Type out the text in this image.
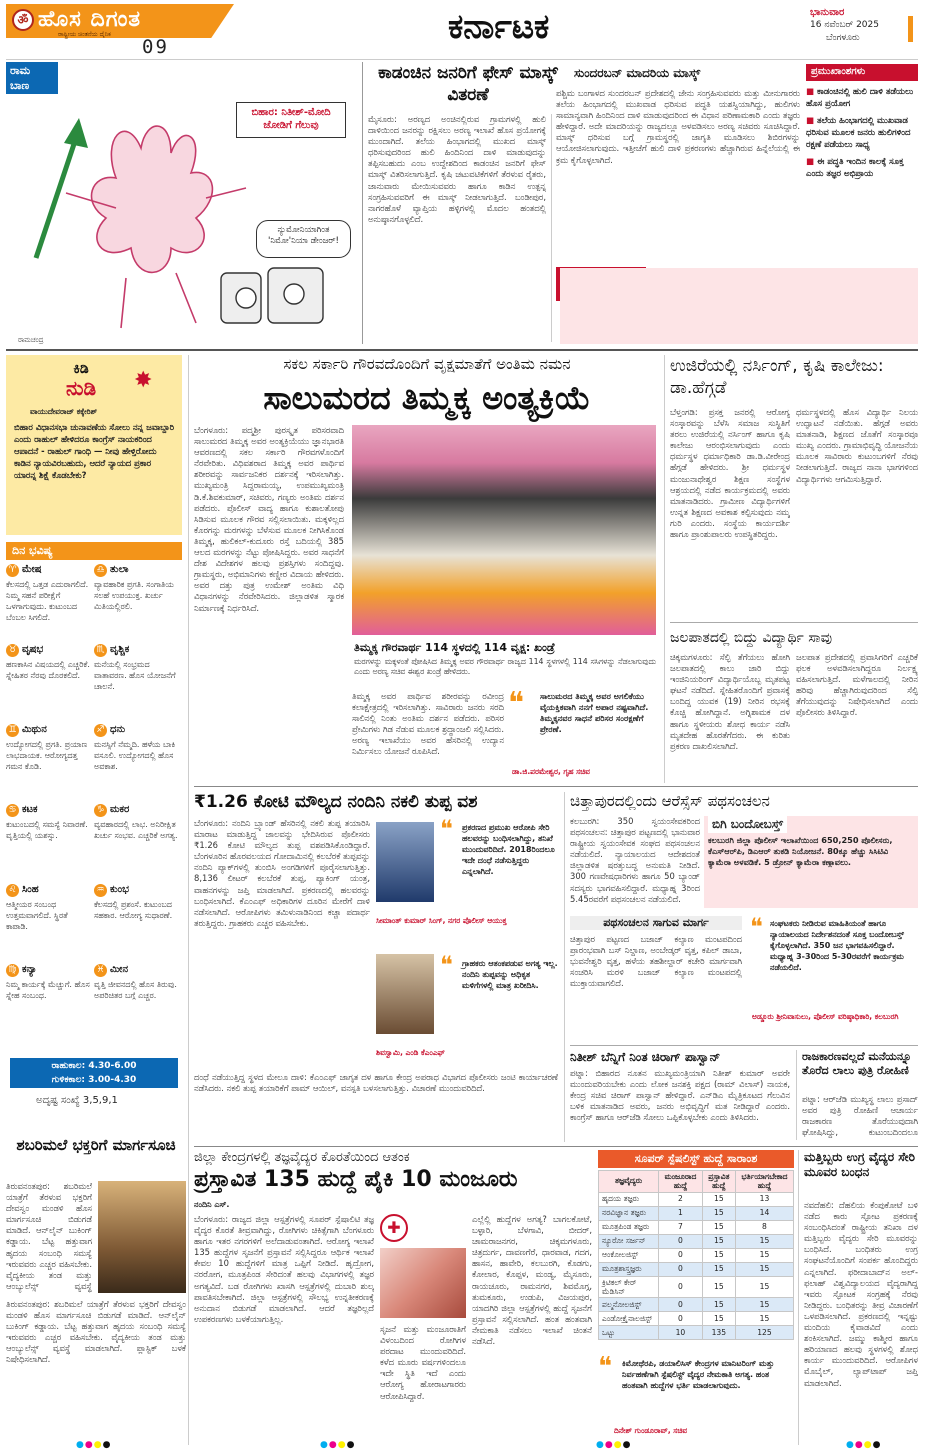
ॐ ಹೊಸ ದಿಗಂತ
ರಾಷ್ಟ್ರೀಯ ಚಿಂತನೆಯ ದೈನಿಕ
09	ಕರ್ನಾಟಕ	ಭಾನುವಾರ
16 ನವೆಂಬರ್ 2025
ಬೆಂಗಳೂರು
ರಾಮ
ಬಾಣ
ರಾಮಚಂದ್ರ
ಬಿಹಾರ: ನಿತೀಶ್-ಮೋದಿ ಜೋಡಿಗೆ ಗೆಲುವು
ನ್ಯುಮೋನಿಯಾಗಿಂತ 'ನಿಮೋ'ನಿಯಾ ಡೇಂಜರ್!
ಕಾಡಂಚಿನ ಜನರಿಗೆ ಫೇಸ್ ಮಾಸ್ಕ್ ವಿತರಣೆ
ಸುಂದರಬನ್ ಮಾದರಿಯ ಮಾಸ್ಕ್
ಮೈಸೂರು: ಅರಣ್ಯದ ಅಂಚಿನಲ್ಲಿರುವ ಗ್ರಾಮಗಳಲ್ಲಿ ಹುಲಿ ದಾಳಿಯಿಂದ ಜನರನ್ನು ರಕ್ಷಿಸಲು ಅರಣ್ಯ ಇಲಾಖೆ ಹೊಸ ಪ್ರಯೋಗಕ್ಕೆ ಮುಂದಾಗಿದೆ. ತಲೆಯ ಹಿಂಭಾಗದಲ್ಲಿ ಮುಖದ ಮಾಸ್ಕ್ ಧರಿಸುವುದರಿಂದ ಹುಲಿ ಹಿಂದಿನಿಂದ ದಾಳಿ ಮಾಡುವುದನ್ನು ತಪ್ಪಿಸಬಹುದು ಎಂಬ ಉದ್ದೇಶದಿಂದ ಕಾಡಂಚಿನ ಜನರಿಗೆ ಫೇಸ್ ಮಾಸ್ಕ್ ವಿತರಿಸಲಾಗುತ್ತಿದೆ. ಕೃಷಿ ಚಟುವಟಿಕೆಗಳಿಗೆ ತೆರಳುವ ರೈತರು, ಜಾನುವಾರು ಮೇಯಿಸುವವರು ಹಾಗೂ ಕಾಡಿನ ಉತ್ಪನ್ನ ಸಂಗ್ರಹಿಸುವವರಿಗೆ ಈ ಮಾಸ್ಕ್ ನೀಡಲಾಗುತ್ತಿದೆ. ಬಂಡೀಪುರ, ನಾಗರಹೊಳೆ ವ್ಯಾಪ್ತಿಯ ಹಳ್ಳಿಗಳಲ್ಲಿ ಮೊದಲ ಹಂತದಲ್ಲಿ ಅನುಷ್ಠಾನಗೊಳ್ಳಲಿದೆ.
ಪಶ್ಚಿಮ ಬಂಗಾಳದ ಸುಂದರಬನ್ ಪ್ರದೇಶದಲ್ಲಿ ಜೇನು ಸಂಗ್ರಹಿಸುವವರು ಮತ್ತು ಮೀನುಗಾರರು ತಲೆಯ ಹಿಂಭಾಗದಲ್ಲಿ ಮುಖವಾಡ ಧರಿಸುವ ಪದ್ಧತಿ ಯಶಸ್ವಿಯಾಗಿದ್ದು, ಹುಲಿಗಳು ಸಾಮಾನ್ಯವಾಗಿ ಹಿಂದಿನಿಂದ ದಾಳಿ ಮಾಡುವುದರಿಂದ ಈ ವಿಧಾನ ಪರಿಣಾಮಕಾರಿ ಎಂದು ತಜ್ಞರು ಹೇಳಿದ್ದಾರೆ. ಅದೇ ಮಾದರಿಯನ್ನು ರಾಜ್ಯದಲ್ಲೂ ಅಳವಡಿಸಲು ಅರಣ್ಯ ಸಚಿವರು ಸೂಚಿಸಿದ್ದಾರೆ. ಮಾಸ್ಕ್ ಧರಿಸುವ ಬಗ್ಗೆ ಗ್ರಾಮಸ್ಥರಲ್ಲಿ ಜಾಗೃತಿ ಮೂಡಿಸಲು ಶಿಬಿರಗಳನ್ನು ಆಯೋಜಿಸಲಾಗುವುದು. ಇತ್ತೀಚೆಗೆ ಹುಲಿ ದಾಳಿ ಪ್ರಕರಣಗಳು ಹೆಚ್ಚಾಗಿರುವ ಹಿನ್ನೆಲೆಯಲ್ಲಿ ಈ ಕ್ರಮ ಕೈಗೊಳ್ಳಲಾಗಿದೆ.
ಪ್ರಮುಖಾಂಶಗಳು
■ ಕಾಡಂಚಿನಲ್ಲಿ ಹುಲಿ ದಾಳಿ ತಡೆಯಲು ಹೊಸ ಪ್ರಯೋಗ
■ ತಲೆಯ ಹಿಂಭಾಗದಲ್ಲಿ ಮುಖವಾಡ ಧರಿಸುವ ಮೂಲಕ ಜನರು ಹುಲಿಗಳಿಂದ ರಕ್ಷಣೆ ಪಡೆಯಲು ಸಾಧ್ಯ
■ ಈ ಪದ್ಧತಿ ಇಂದಿನ ಕಾಲಕ್ಕೆ ಸೂಕ್ತ ಎಂದು ತಜ್ಞರ ಅಭಿಪ್ರಾಯ
ಕಿಡಿ
ನುಡಿ ✸
ವಾಯುದೇವರಾಜ್ ಕಕ್ಕೇರಿಶ್
ಬಿಹಾರ ವಿಧಾನಸಭಾ ಚುನಾವಣೆಯ ಸೋಲು ನನ್ನ ಜವಾಬ್ದಾರಿ ಎಂದು ರಾಹುಲ್ ಹೇಳಿದರೂ ಕಾಂಗ್ರೆಸ್ ನಾಯಕರಿಂದ ಆಪಾದನೆ - ರಾಹುಲ್ ಗಾಂಧಿ — ನೀವು ಹೇಳ್ತಿರೋದು ಕಾಡಿನ ನ್ಯಾಯವಿರಬಹುದು, ಆದರೆ ನ್ಯಾಯದ ಪ್ರಕಾರ ಯಾರನ್ನ ಶಿಕ್ಷೆ ಕೊಡಬೇಕು?
ದಿನ ಭವಿಷ್ಯ
♈ ಮೇಷ
ಕೆಲಸದಲ್ಲಿ ಒತ್ತಡ ಎದುರಾಗಲಿದೆ. ನಿಮ್ಮ ಸಹನೆ ಪರೀಕ್ಷೆಗೆ ಒಳಗಾಗುವುದು. ಕುಟುಂಬದ ಬೆಂಬಲ ಸಿಗಲಿದೆ.
♎ ತುಲಾ
ವ್ಯಾವಹಾರಿಕ ಪ್ರಗತಿ. ಸಂಗಾತಿಯ ಸಲಹೆ ಉಪಯುಕ್ತ. ಖರ್ಚು ಮಿತಿಯಲ್ಲಿರಲಿ.
♉ ವೃಷಭ
ಹಣಕಾಸಿನ ವಿಷಯದಲ್ಲಿ ಎಚ್ಚರಿಕೆ. ಸ್ನೇಹಿತರ ನೆರವು ದೊರಕಲಿದೆ.
♏ ವೃಶ್ಚಿಕ
ಮನೆಯಲ್ಲಿ ಸಂಭ್ರಮದ ವಾತಾವರಣ. ಹೊಸ ಯೋಜನೆಗೆ ಚಾಲನೆ.
♊ ಮಿಥುನ
ಉದ್ಯೋಗದಲ್ಲಿ ಪ್ರಗತಿ. ಪ್ರಯಾಣ ಲಾಭದಾಯಕ. ಆರೋಗ್ಯದತ್ತ ಗಮನ ಕೊಡಿ.
♐ ಧನು
ಮನಸ್ಸಿಗೆ ನೆಮ್ಮದಿ. ಹಳೆಯ ಬಾಕಿ ವಸೂಲಿ. ಉದ್ಯೋಗದಲ್ಲಿ ಹೊಸ ಅವಕಾಶ.
♋ ಕಟಕ
ಕುಟುಂಬದಲ್ಲಿ ಸಮಸ್ಯೆ ನಿವಾರಣೆ. ವೃತ್ತಿಯಲ್ಲಿ ಯಶಸ್ಸು.
♑ ಮಕರ
ವ್ಯವಹಾರದಲ್ಲಿ ಲಾಭ. ಅನಿರೀಕ್ಷಿತ ಖರ್ಚು ಸಂಭವ. ಎಚ್ಚರಿಕೆ ಅಗತ್ಯ.
♌ ಸಿಂಹ
ಆತ್ಮೀಯರ ಸಂಬಂಧ ಉತ್ತಮವಾಗಲಿದೆ. ಸ್ಥಿರತೆ ಕಾಪಾಡಿ.
♒ ಕುಂಭ
ಕೆಲಸದಲ್ಲಿ ಪ್ರಶಂಸೆ. ಕುಟುಂಬದ ಸಹಕಾರ. ಆರೋಗ್ಯ ಸುಧಾರಣೆ.
♍ ಕನ್ಯಾ
ನಿಮ್ಮ ಕಾರ್ಯಕ್ಕೆ ಮೆಚ್ಚುಗೆ. ಹೊಸ ಸ್ನೇಹ ಸಂಬಂಧ.
♓ ಮೀನ
ವೃತ್ತಿ ಜೀವನದಲ್ಲಿ ಹೊಸ ತಿರುವು. ಅಪರಿಚಿತರ ಬಗ್ಗೆ ಎಚ್ಚರ.
ರಾಹುಕಾಲ: 4.30-6.00
ಗುಳಿಕಕಾಲ: 3.00-4.30
ಅದೃಷ್ಟ ಸಂಖ್ಯೆ 3,5,9,1
ಶಬರಿಮಲೆ ಭಕ್ತರಿಗೆ ಮಾರ್ಗಸೂಚಿ
ತಿರುವನಂತಪುರ: ಶಬರಿಮಲೆ ಯಾತ್ರೆಗೆ ತೆರಳುವ ಭಕ್ತರಿಗೆ ದೇವಸ್ವಂ ಮಂಡಳಿ ಹೊಸ ಮಾರ್ಗಸೂಚಿ ಬಿಡುಗಡೆ ಮಾಡಿದೆ. ಆನ್‌ಲೈನ್ ಬುಕಿಂಗ್ ಕಡ್ಡಾಯ. ಬೆಟ್ಟ ಹತ್ತುವಾಗ ಹೃದಯ ಸಂಬಂಧಿ ಸಮಸ್ಯೆ ಇರುವವರು ಎಚ್ಚರ ವಹಿಸಬೇಕು. ವೈದ್ಯಕೀಯ ತಂಡ ಮತ್ತು ಆಂಬ್ಯುಲೆನ್ಸ್ ವ್ಯವಸ್ಥೆ
ತಿರುವನಂತಪುರ: ಶಬರಿಮಲೆ ಯಾತ್ರೆಗೆ ತೆರಳುವ ಭಕ್ತರಿಗೆ ದೇವಸ್ವಂ ಮಂಡಳಿ ಹೊಸ ಮಾರ್ಗಸೂಚಿ ಬಿಡುಗಡೆ ಮಾಡಿದೆ. ಆನ್‌ಲೈನ್ ಬುಕಿಂಗ್ ಕಡ್ಡಾಯ. ಬೆಟ್ಟ ಹತ್ತುವಾಗ ಹೃದಯ ಸಂಬಂಧಿ ಸಮಸ್ಯೆ ಇರುವವರು ಎಚ್ಚರ ವಹಿಸಬೇಕು. ವೈದ್ಯಕೀಯ ತಂಡ ಮತ್ತು ಆಂಬ್ಯುಲೆನ್ಸ್ ವ್ಯವಸ್ಥೆ ಮಾಡಲಾಗಿದೆ. ಪ್ಲಾಸ್ಟಿಕ್ ಬಳಕೆ ನಿಷೇಧಿಸಲಾಗಿದೆ.
ಸಕಲ ಸರ್ಕಾರಿ ಗೌರವದೊಂದಿಗೆ ವೃಕ್ಷಮಾತೆಗೆ ಅಂತಿಮ ನಮನ
ಸಾಲುಮರದ ತಿಮ್ಮಕ್ಕ ಅಂತ್ಯಕ್ರಿಯೆ
ಬೆಂಗಳೂರು: ಪದ್ಮಶ್ರೀ ಪುರಸ್ಕೃತ ಪರಿಸರವಾದಿ ಸಾಲುಮರದ ತಿಮ್ಮಕ್ಕ ಅವರ ಅಂತ್ಯಕ್ರಿಯೆಯು ಜ್ಞಾನಭಾರತಿ ಆವರಣದಲ್ಲಿ ಸಕಲ ಸರ್ಕಾರಿ ಗೌರವಗಳೊಂದಿಗೆ ನೆರವೇರಿತು. ವಿಧಿವಶರಾದ ತಿಮ್ಮಕ್ಕ ಅವರ ಪಾರ್ಥಿವ ಶರೀರವನ್ನು ಸಾರ್ವಜನಿಕರ ದರ್ಶನಕ್ಕೆ ಇರಿಸಲಾಗಿತ್ತು. ಮುಖ್ಯಮಂತ್ರಿ ಸಿದ್ದರಾಮಯ್ಯ, ಉಪಮುಖ್ಯಮಂತ್ರಿ ಡಿ.ಕೆ.ಶಿವಕುಮಾರ್, ಸಚಿವರು, ಗಣ್ಯರು ಅಂತಿಮ ದರ್ಶನ ಪಡೆದರು. ಪೊಲೀಸ್ ವಾದ್ಯ ಹಾಗೂ ಕುಶಾಲತೋಪು ಸಿಡಿಸುವ ಮೂಲಕ ಗೌರವ ಸಲ್ಲಿಸಲಾಯಿತು. ಮಕ್ಕಳಿಲ್ಲದ ಕೊರಗನ್ನು ಮರಗಳನ್ನು ಬೆಳೆಸುವ ಮೂಲಕ ನೀಗಿಸಿಕೊಂಡ ತಿಮ್ಮಕ್ಕ, ಹುಲಿಕಲ್-ಕುದೂರು ರಸ್ತೆ ಬದಿಯಲ್ಲಿ 385 ಆಲದ ಮರಗಳನ್ನು ನೆಟ್ಟು ಪೋಷಿಸಿದ್ದರು. ಅವರ ಸಾಧನೆಗೆ ದೇಶ ವಿದೇಶಗಳ ಹಲವು ಪ್ರಶಸ್ತಿಗಳು ಸಂದಿದ್ದವು. ಗ್ರಾಮಸ್ಥರು, ಅಭಿಮಾನಿಗಳು ಕಣ್ಣೀರ ವಿದಾಯ ಹೇಳಿದರು. ಅವರ ದತ್ತು ಪುತ್ರ ಉಮೇಶ್ ಅಂತಿಮ ವಿಧಿ ವಿಧಾನಗಳನ್ನು ನೆರವೇರಿಸಿದರು. ಜಿಲ್ಲಾಡಳಿತ ಸ್ಮಾರಕ ನಿರ್ಮಾಣಕ್ಕೆ ನಿರ್ಧರಿಸಿದೆ.
ತಿಮ್ಮಕ್ಕ ಗೌರವಾರ್ಥ 114 ಸ್ಥಳದಲ್ಲಿ 114 ವೃಕ್ಷ: ಖಂಡ್ರೆ
ಮರಗಳನ್ನು ಮಕ್ಕಳಂತೆ ಪೋಷಿಸಿದ ತಿಮ್ಮಕ್ಕ ಅವರ ಗೌರವಾರ್ಥ ರಾಜ್ಯದ 114 ಸ್ಥಳಗಳಲ್ಲಿ 114 ಸಸಿಗಳನ್ನು ನೆಡಲಾಗುವುದು ಎಂದು ಅರಣ್ಯ ಸಚಿವ ಈಶ್ವರ ಖಂಡ್ರೆ ಹೇಳಿದರು.
ತಿಮ್ಮಕ್ಕ ಅವರ ಪಾರ್ಥಿವ ಶರೀರವನ್ನು ರವೀಂದ್ರ ಕಲಾಕ್ಷೇತ್ರದಲ್ಲಿ ಇರಿಸಲಾಗಿತ್ತು. ಸಾವಿರಾರು ಜನರು ಸರದಿ ಸಾಲಿನಲ್ಲಿ ನಿಂತು ಅಂತಿಮ ದರ್ಶನ ಪಡೆದರು. ಪರಿಸರ ಪ್ರೇಮಿಗಳು ಗಿಡ ನೆಡುವ ಮೂಲಕ ಶ್ರದ್ಧಾಂಜಲಿ ಸಲ್ಲಿಸಿದರು. ಅರಣ್ಯ ಇಲಾಖೆಯು ಅವರ ಹೆಸರಿನಲ್ಲಿ ಉದ್ಯಾನ ನಿರ್ಮಿಸಲು ಯೋಜನೆ ರೂಪಿಸಿದೆ.
❝ ಸಾಲುಮರದ ತಿಮ್ಮಕ್ಕ ಅವರ ಅಗಲಿಕೆಯು ವೈಯಕ್ತಿಕವಾಗಿ ನನಗೆ ಅಪಾರ ನಷ್ಟವಾಗಿದೆ. ತಿಮ್ಮಕ್ಕನವರ ಸಾಧನೆ ಪರಿಸರ ಸಂರಕ್ಷಣೆಗೆ ಪ್ರೇರಣೆ.
ಡಾ.ಜಿ.ಪರಮೇಶ್ವರ, ಗೃಹ ಸಚಿವ
ಉಜಿರೆಯಲ್ಲಿ ನರ್ಸಿಂಗ್, ಕೃಷಿ ಕಾಲೇಜು: ಡಾ.ಹೆಗ್ಗಡೆ
ಬೆಳ್ತಂಗಡಿ: ಪ್ರಸಕ್ತ ಜನರಲ್ಲಿ ಆರೋಗ್ಯ ಸಂಸ್ಕಾರವನ್ನು ಬೆಳೆಸಿ ಸಮಾಜ ಸುಸ್ಥಿತಿಗೆ ತರಲು ಉಜಿರೆಯಲ್ಲಿ ನರ್ಸಿಂಗ್ ಹಾಗೂ ಕೃಷಿ ಕಾಲೇಜು ಆರಂಭಿಸಲಾಗುವುದು ಎಂದು ಧರ್ಮಸ್ಥಳ ಧರ್ಮಾಧಿಕಾರಿ ಡಾ.ಡಿ.ವೀರೇಂದ್ರ ಹೆಗ್ಗಡೆ ಹೇಳಿದರು. ಶ್ರೀ ಧರ್ಮಸ್ಥಳ ಮಂಜುನಾಥೇಶ್ವರ ಶಿಕ್ಷಣ ಸಂಸ್ಥೆಗಳ ಆಶ್ರಯದಲ್ಲಿ ನಡೆದ ಕಾರ್ಯಕ್ರಮದಲ್ಲಿ ಅವರು ಮಾತನಾಡಿದರು. ಗ್ರಾಮೀಣ ವಿದ್ಯಾರ್ಥಿಗಳಿಗೆ ಉನ್ನತ ಶಿಕ್ಷಣದ ಅವಕಾಶ ಕಲ್ಪಿಸುವುದು ನಮ್ಮ ಗುರಿ ಎಂದರು. ಸಂಸ್ಥೆಯ ಕಾರ್ಯದರ್ಶಿ ಹಾಗೂ ಪ್ರಾಂಶುಪಾಲರು ಉಪಸ್ಥಿತರಿದ್ದರು.
ಧರ್ಮಸ್ಥಳದಲ್ಲಿ ಹೊಸ ವಿದ್ಯಾರ್ಥಿ ನಿಲಯ ಉದ್ಘಾಟನೆ ನಡೆಯಿತು. ಹೆಗ್ಗಡೆ ಅವರು ಮಾತನಾಡಿ, ಶಿಕ್ಷಣದ ಜೊತೆಗೆ ಸಂಸ್ಕಾರವೂ ಮುಖ್ಯ ಎಂದರು. ಗ್ರಾಮಾಭಿವೃದ್ಧಿ ಯೋಜನೆಯ ಮೂಲಕ ಸಾವಿರಾರು ಕುಟುಂಬಗಳಿಗೆ ನೆರವು ನೀಡಲಾಗುತ್ತಿದೆ. ರಾಜ್ಯದ ನಾನಾ ಭಾಗಗಳಿಂದ ವಿದ್ಯಾರ್ಥಿಗಳು ಆಗಮಿಸುತ್ತಿದ್ದಾರೆ.
ಜಲಪಾತದಲ್ಲಿ ಬಿದ್ದು ವಿದ್ಯಾರ್ಥಿ ಸಾವು
ಚಿಕ್ಕಮಗಳೂರು: ಸೆಲ್ಫಿ ತೆಗೆಯಲು ಹೋಗಿ ಜಲಪಾತದಲ್ಲಿ ಕಾಲು ಜಾರಿ ಬಿದ್ದು ಇಂಜಿನಿಯರಿಂಗ್ ವಿದ್ಯಾರ್ಥಿಯೊಬ್ಬ ಮೃತಪಟ್ಟ ಘಟನೆ ನಡೆದಿದೆ. ಸ್ನೇಹಿತರೊಂದಿಗೆ ಪ್ರವಾಸಕ್ಕೆ ಬಂದಿದ್ದ ಯುವಕ (19) ನೀರಿನ ರಭಸಕ್ಕೆ ಕೊಚ್ಚಿ ಹೋಗಿದ್ದಾನೆ. ಅಗ್ನಿಶಾಮಕ ದಳ ಹಾಗೂ ಸ್ಥಳೀಯರು ಶೋಧ ಕಾರ್ಯ ನಡೆಸಿ ಮೃತದೇಹ ಹೊರತೆಗೆದರು. ಈ ಕುರಿತು ಪ್ರಕರಣ ದಾಖಲಿಸಲಾಗಿದೆ.
ಜಲಪಾತ ಪ್ರದೇಶದಲ್ಲಿ ಪ್ರವಾಸಿಗರಿಗೆ ಎಚ್ಚರಿಕೆ ಫಲಕ ಅಳವಡಿಸಲಾಗಿದ್ದರೂ ನಿರ್ಲಕ್ಷ್ಯ ವಹಿಸಲಾಗುತ್ತಿದೆ. ಮಳೆಗಾಲದಲ್ಲಿ ನೀರಿನ ಹರಿವು ಹೆಚ್ಚಾಗಿರುವುದರಿಂದ ಸೆಲ್ಫಿ ತೆಗೆಯುವುದನ್ನು ನಿಷೇಧಿಸಲಾಗಿದೆ ಎಂದು ಪೊಲೀಸರು ತಿಳಿಸಿದ್ದಾರೆ.
₹1.26 ಕೋಟಿ ಮೌಲ್ಯದ ನಂದಿನಿ ನಕಲಿ ತುಪ್ಪ ವಶ
ಬೆಂಗಳೂರು: ನಂದಿನಿ ಬ್ರ್ಯಾಂಡ್ ಹೆಸರಿನಲ್ಲಿ ನಕಲಿ ತುಪ್ಪ ತಯಾರಿಸಿ ಮಾರಾಟ ಮಾಡುತ್ತಿದ್ದ ಜಾಲವನ್ನು ಭೇದಿಸಿರುವ ಪೊಲೀಸರು ₹1.26 ಕೋಟಿ ಮೌಲ್ಯದ ತುಪ್ಪ ವಶಪಡಿಸಿಕೊಂಡಿದ್ದಾರೆ. ಬೆಂಗಳೂರಿನ ಹೊರವಲಯದ ಗೋದಾಮಿನಲ್ಲಿ ಕಲಬೆರಕೆ ತುಪ್ಪವನ್ನು ನಂದಿನಿ ಪ್ಯಾಕ್‌ಗಳಲ್ಲಿ ತುಂಬಿಸಿ ಅಂಗಡಿಗಳಿಗೆ ಪೂರೈಸಲಾಗುತ್ತಿತ್ತು. 8,136 ಲೀಟರ್ ಕಲಬೆರಕೆ ತುಪ್ಪ, ಪ್ಯಾಕಿಂಗ್ ಯಂತ್ರ, ವಾಹನಗಳನ್ನು ಜಪ್ತಿ ಮಾಡಲಾಗಿದೆ. ಪ್ರಕರಣದಲ್ಲಿ ಹಲವರನ್ನು ಬಂಧಿಸಲಾಗಿದೆ. ಕೆಎಂಎಫ್ ಅಧಿಕಾರಿಗಳ ದೂರಿನ ಮೇರೆಗೆ ದಾಳಿ ನಡೆಸಲಾಗಿದೆ. ಆರೋಪಿಗಳು ತಮಿಳುನಾಡಿನಿಂದ ಕಚ್ಚಾ ಪದಾರ್ಥ ತರುತ್ತಿದ್ದರು. ಗ್ರಾಹಕರು ಎಚ್ಚರ ವಹಿಸಬೇಕು.
ದಂಧೆ ನಡೆಯುತ್ತಿದ್ದ ಸ್ಥಳದ ಮೇಲೂ ದಾಳಿ: ಕೆಎಂಎಫ್ ಜಾಗೃತ ದಳ ಹಾಗೂ ಕೇಂದ್ರ ಅಪರಾಧ ವಿಭಾಗದ ಪೊಲೀಸರು ಜಂಟಿ ಕಾರ್ಯಾಚರಣೆ ನಡೆಸಿದರು. ನಕಲಿ ತುಪ್ಪ ತಯಾರಿಕೆಗೆ ಪಾಮ್ ಆಯಿಲ್, ವನಸ್ಪತಿ ಬಳಸಲಾಗುತ್ತಿತ್ತು. ವಿಚಾರಣೆ ಮುಂದುವರಿದಿದೆ.
❝ ಪ್ರಕರಣದ ಪ್ರಮುಖ ಆರೋಪಿ ಸೇರಿ ಹಲವರನ್ನು ಬಂಧಿಸಲಾಗಿದ್ದು, ತನಿಖೆ ಮುಂದುವರಿದಿದೆ. 2018ರಿಂದಲೂ ಇದೇ ದಂಧೆ ನಡೆಸುತ್ತಿದ್ದರು ಎನ್ನಲಾಗಿದೆ.
ಸೀಮಾಂತ್ ಕುಮಾರ್ ಸಿಂಗ್, ನಗರ ಪೊಲೀಸ್ ಆಯುಕ್ತ
❝ ಗ್ರಾಹಕರು ಆತಂಕಪಡುವ ಅಗತ್ಯ ಇಲ್ಲ. ನಂದಿನಿ ತುಪ್ಪವನ್ನು ಅಧಿಕೃತ ಮಳಿಗೆಗಳಲ್ಲಿ ಮಾತ್ರ ಖರೀದಿಸಿ.
ಶಿವಸ್ವಾಮಿ, ಎಂಡಿ ಕೆಎಂಎಫ್
ಚಿತ್ತಾಪುರದಲ್ಲಿಂದು ಆರೆಸ್ಸೆಸ್ ಪಥಸಂಚಲನ
ಕಲಬುರಗಿ: 350 ಸ್ವಯಂಸೇವಕರಿಂದ ಪಥಸಂಚಲನ: ಚಿತ್ತಾಪುರ ಪಟ್ಟಣದಲ್ಲಿ ಭಾನುವಾರ ರಾಷ್ಟ್ರೀಯ ಸ್ವಯಂಸೇವಕ ಸಂಘದ ಪಥಸಂಚಲನ ನಡೆಯಲಿದೆ. ನ್ಯಾಯಾಲಯದ ಆದೇಶದಂತೆ ಜಿಲ್ಲಾಡಳಿತ ಷರತ್ತುಬದ್ಧ ಅನುಮತಿ ನೀಡಿದೆ. 300 ಗಣವೇಷಧಾರಿಗಳು ಹಾಗೂ 50 ಬ್ಯಾಂಡ್ ಸದಸ್ಯರು ಭಾಗವಹಿಸಲಿದ್ದಾರೆ. ಮಧ್ಯಾಹ್ನ 3ರಿಂದ 5.45ರವರೆಗೆ ಪಥಸಂಚಲನ ನಡೆಯಲಿದೆ.
ಬಿಗಿ ಬಂದೋಬಸ್ತ್
ಕಲಬುರಗಿ ಜಿಲ್ಲಾ ಪೊಲೀಸ್ ಇಲಾಖೆಯಿಂದ 650,250 ಪೊಲೀಸರು, ಕೆಎಸ್‌ಆರ್‌ಪಿ, ಡಿಎಆರ್ ತುಕಡಿ ನಿಯೋಜನೆ. 80ಕ್ಕೂ ಹೆಚ್ಚು ಸಿಸಿಟಿವಿ ಕ್ಯಾಮೆರಾ ಅಳವಡಿಕೆ. 5 ಡ್ರೋನ್ ಕ್ಯಾಮೆರಾ ಕಣ್ಗಾವಲು.
ಪಥಸಂಚಲನ ಸಾಗುವ ಮಾರ್ಗ
ಚಿತ್ತಾಪುರ ಪಟ್ಟಣದ ಬಜಾಜ್ ಕಲ್ಯಾಣ ಮಂಟಪದಿಂದ ಪ್ರಾರಂಭವಾಗಿ ಬಸ್ ನಿಲ್ದಾಣ, ಅಂಬೇಡ್ಕರ್ ವೃತ್ತ, ಕಪಿಲ್ ಡಾಬಾ, ಭುವನೇಶ್ವರಿ ವೃತ್ತ, ಹಳೆಯ ತಹಶೀಲ್ದಾರ್ ಕಚೇರಿ ಮಾರ್ಗವಾಗಿ ಸಂಚರಿಸಿ ಮರಳಿ ಬಜಾಜ್ ಕಲ್ಯಾಣ ಮಂಟಪದಲ್ಲಿ ಮುಕ್ತಾಯವಾಗಲಿದೆ.
❝ ಸಂಘಟಕರು ನೀಡಿರುವ ಮಾಹಿತಿಯಂತೆ ಹಾಗೂ ನ್ಯಾಯಾಲಯದ ನಿರ್ದೇಶನದಂತೆ ಸೂಕ್ತ ಬಂದೋಬಸ್ತ್ ಕೈಗೊಳ್ಳಲಾಗಿದೆ. 350 ಜನ ಭಾಗವಹಿಸಲಿದ್ದಾರೆ. ಮಧ್ಯಾಹ್ನ 3-30ರಿಂದ 5-30ರವರೆಗೆ ಕಾರ್ಯಕ್ರಮ ನಡೆಯಲಿದೆ.
ಅಡ್ಡೂರು ಶ್ರೀನಿವಾಸುಲು, ಪೊಲೀಸ್ ವರಿಷ್ಠಾಧಿಕಾರಿ, ಕಲಬುರಗಿ
ನಿತೀಶ್ ಬೆನ್ನಿಗೆ ನಿಂತ ಚಿರಾಗ್ ಪಾಸ್ವಾನ್
ಪಟ್ನಾ: ಬಿಹಾರದ ನೂತನ ಮುಖ್ಯಮಂತ್ರಿಯಾಗಿ ನಿತೀಶ್ ಕುಮಾರ್ ಅವರೇ ಮುಂದುವರಿಯಬೇಕು ಎಂದು ಲೋಕ ಜನಶಕ್ತಿ ಪಕ್ಷದ (ರಾಮ್ ವಿಲಾಸ್) ನಾಯಕ, ಕೇಂದ್ರ ಸಚಿವ ಚಿರಾಗ್ ಪಾಸ್ವಾನ್ ಹೇಳಿದ್ದಾರೆ. ಎನ್‌ಡಿಎ ಮೈತ್ರಿಕೂಟದ ಗೆಲುವಿನ ಬಳಿಕ ಮಾತನಾಡಿದ ಅವರು, ಜನರು ಅಭಿವೃದ್ಧಿಗೆ ಮತ ನೀಡಿದ್ದಾರೆ ಎಂದರು. ಕಾಂಗ್ರೆಸ್ ಹಾಗೂ ಆರ್‌ಜೆಡಿ ಸೋಲು ಒಪ್ಪಿಕೊಳ್ಳಬೇಕು ಎಂದು ತಿಳಿಸಿದರು.
ರಾಜಕಾರಣವಲ್ಲದೆ ಮನೆಯನ್ನೂ ತೊರೆದ ಲಾಲು ಪುತ್ರಿ ರೋಹಿಣಿ
ಪಟ್ನಾ: ಆರ್‌ಜೆಡಿ ಮುಖ್ಯಸ್ಥ ಲಾಲು ಪ್ರಸಾದ್ ಅವರ ಪುತ್ರಿ ರೋಹಿಣಿ ಆಚಾರ್ಯ ರಾಜಕಾರಣ ತೊರೆಯುವುದಾಗಿ ಘೋಷಿಸಿದ್ದು, ಕುಟುಂಬದಿಂದಲೂ
ಜಿಲ್ಲಾ ಕೇಂದ್ರಗಳಲ್ಲಿ ತಜ್ಞವೈದ್ಯರ ಕೊರತೆಯಿಂದ ಆತಂಕ
ಪ್ರಸ್ತಾವಿತ 135 ಹುದ್ದೆ ಪೈಕಿ 10 ಮಂಜೂರು
ನಂದಿನಿ ಎಸ್.
ಬೆಂಗಳೂರು: ರಾಜ್ಯದ ಜಿಲ್ಲಾ ಆಸ್ಪತ್ರೆಗಳಲ್ಲಿ ಸೂಪರ್ ಸ್ಪೆಷಾಲಿಟಿ ತಜ್ಞ ವೈದ್ಯರ ಕೊರತೆ ತೀವ್ರವಾಗಿದ್ದು, ರೋಗಿಗಳು ಚಿಕಿತ್ಸೆಗಾಗಿ ಬೆಂಗಳೂರು ಹಾಗೂ ಇತರ ನಗರಗಳಿಗೆ ಅಲೆದಾಡುವಂತಾಗಿದೆ. ಆರೋಗ್ಯ ಇಲಾಖೆ 135 ಹುದ್ದೆಗಳ ಸೃಜನೆಗೆ ಪ್ರಸ್ತಾವನೆ ಸಲ್ಲಿಸಿದ್ದರೂ ಆರ್ಥಿಕ ಇಲಾಖೆ ಕೇವಲ 10 ಹುದ್ದೆಗಳಿಗೆ ಮಾತ್ರ ಒಪ್ಪಿಗೆ ನೀಡಿದೆ. ಹೃದ್ರೋಗ, ನರರೋಗ, ಮೂತ್ರಪಿಂಡ ಸೇರಿದಂತೆ ಹಲವು ವಿಭಾಗಗಳಲ್ಲಿ ತಜ್ಞರ ಅಗತ್ಯವಿದೆ. ಬಡ ರೋಗಿಗಳು ಖಾಸಗಿ ಆಸ್ಪತ್ರೆಗಳಲ್ಲಿ ದುಬಾರಿ ಶುಲ್ಕ ಪಾವತಿಸಬೇಕಾಗಿದೆ. ಜಿಲ್ಲಾ ಆಸ್ಪತ್ರೆಗಳಲ್ಲಿ ಸೌಲಭ್ಯ ಉನ್ನತೀಕರಣಕ್ಕೆ ಅನುದಾನ ಬಿಡುಗಡೆ ಮಾಡಲಾಗಿದೆ. ಆದರೆ ತಜ್ಞರಿಲ್ಲದೆ ಉಪಕರಣಗಳು ಬಳಕೆಯಾಗುತ್ತಿಲ್ಲ.
✚
ಸೃಜನೆ ಮತ್ತು ಮಂಜೂರಾತಿಗೆ ವಿಳಂಬದಿಂದ ರೋಗಿಗಳ ಪರದಾಟ ಮುಂದುವರಿದಿದೆ. ಕಳೆದ ಮೂರು ವರ್ಷಗಳಿಂದಲೂ ಇದೇ ಸ್ಥಿತಿ ಇದೆ ಎಂದು ಆರೋಗ್ಯ ಹೋರಾಟಗಾರರು ಆರೋಪಿಸಿದ್ದಾರೆ.
ಎಲ್ಲೆಲ್ಲಿ ಹುದ್ದೆಗಳ ಅಗತ್ಯ? ಬಾಗಲಕೋಟೆ, ಬಳ್ಳಾರಿ, ಬೆಳಗಾವಿ, ಬೀದರ್, ಚಾಮರಾಜನಗರ, ಚಿಕ್ಕಮಗಳೂರು, ಚಿತ್ರದುರ್ಗ, ದಾವಣಗೆರೆ, ಧಾರವಾಡ, ಗದಗ, ಹಾಸನ, ಹಾವೇರಿ, ಕಲಬುರಗಿ, ಕೊಡಗು, ಕೋಲಾರ, ಕೊಪ್ಪಳ, ಮಂಡ್ಯ, ಮೈಸೂರು, ರಾಯಚೂರು, ರಾಮನಗರ, ಶಿವಮೊಗ್ಗ, ತುಮಕೂರು, ಉಡುಪಿ, ವಿಜಯಪುರ, ಯಾದಗಿರಿ ಜಿಲ್ಲಾ ಆಸ್ಪತ್ರೆಗಳಲ್ಲಿ ಹುದ್ದೆ ಸೃಜನೆಗೆ ಪ್ರಸ್ತಾವನೆ ಸಲ್ಲಿಸಲಾಗಿದೆ. ಹಂತ ಹಂತವಾಗಿ ನೇಮಕಾತಿ ನಡೆಸಲು ಇಲಾಖೆ ಚಿಂತನೆ ನಡೆಸಿದೆ.
ಸೂಪರ್ ಸ್ಪೆಷಲಿಸ್ಟ್ ಹುದ್ದೆ ಸಾರಾಂಶ
ತಜ್ಞವೈದ್ಯರು	ಮಂಜೂರಾದ ಹುದ್ದೆ	ಪ್ರಸ್ತಾವಿತ ಹುದ್ದೆ	ಭರ್ತಿಯಾಗಬೇಕಾದ ಹುದ್ದೆ
ಹೃದಯ ತಜ್ಞರು	2	15	13
ನರವಿಜ್ಞಾನ ತಜ್ಞರು	1	15	14
ಮೂತ್ರಪಿಂಡ ತಜ್ಞರು	7	15	8
ನ್ಯೂರೋ ಸರ್ಜನ್	0	15	15
ಆಂಕೋಲಜಿಸ್ಟ್	0	15	15
ಮೂತ್ರಶಾಸ್ತ್ರಜ್ಞರು	0	15	15
ಕ್ರಿಟಿಕಲ್ ಕೇರ್ ಮೆಡಿಸಿನ್	0	15	15
ಪಲ್ಮನೋಲಜಿಸ್ಟ್	0	15	15
ಎಂಡೋಕ್ರೈನಾಲಜಿಸ್ಟ್	0	15	15
ಒಟ್ಟು	10	135	125
❝ ಕಿಮೋಥೆರಪಿ, ಡಯಾಲಿಸಿಸ್ ಕೇಂದ್ರಗಳ ಮಾನಿಟರಿಂಗ್ ಮತ್ತು ನಿರ್ವಹಣೆಗಾಗಿ ಸ್ಪೆಷಲಿಸ್ಟ್ ವೈದ್ಯರ ನೇಮಕಾತಿ ಅಗತ್ಯ. ಹಂತ ಹಂತವಾಗಿ ಹುದ್ದೆಗಳ ಭರ್ತಿ ಮಾಡಲಾಗುವುದು.
ದಿನೇಶ್ ಗುಂಡೂರಾವ್, ಸಚಿವ
ಮತ್ತಿಬ್ಬರು ಉಗ್ರ ವೈದ್ಯರ ಸೇರಿ ಮೂವರ ಬಂಧನ
ನವದೆಹಲಿ: ದೆಹಲಿಯ ಕೆಂಪುಕೋಟೆ ಬಳಿ ನಡೆದ ಕಾರು ಸ್ಫೋಟ ಪ್ರಕರಣಕ್ಕೆ ಸಂಬಂಧಿಸಿದಂತೆ ರಾಷ್ಟ್ರೀಯ ತನಿಖಾ ದಳ ಮತ್ತಿಬ್ಬರು ವೈದ್ಯರು ಸೇರಿ ಮೂವರನ್ನು ಬಂಧಿಸಿದೆ. ಬಂಧಿತರು ಉಗ್ರ ಸಂಘಟನೆಯೊಂದಿಗೆ ಸಂಪರ್ಕ ಹೊಂದಿದ್ದರು ಎನ್ನಲಾಗಿದೆ. ಫರೀದಾಬಾದ್‌ನ ಅಲ್-ಫಲಾಹ್ ವಿಶ್ವವಿದ್ಯಾಲಯದ ವೈದ್ಯರಾಗಿದ್ದ ಇವರು ಸ್ಫೋಟಕ ಸಂಗ್ರಹಕ್ಕೆ ನೆರವು ನೀಡಿದ್ದರು. ಬಂಧಿತರನ್ನು ತೀವ್ರ ವಿಚಾರಣೆಗೆ ಒಳಪಡಿಸಲಾಗಿದೆ. ಪ್ರಕರಣದಲ್ಲಿ ಇನ್ನಷ್ಟು ಮಂದಿಯ ಕೈವಾಡವಿದೆ ಎಂದು ಶಂಕಿಸಲಾಗಿದೆ. ಜಮ್ಮು ಕಾಶ್ಮೀರ ಹಾಗೂ ಹರಿಯಾಣದ ಹಲವು ಸ್ಥಳಗಳಲ್ಲಿ ಶೋಧ ಕಾರ್ಯ ಮುಂದುವರಿದಿದೆ. ಆರೋಪಿಗಳ ಮೊಬೈಲ್, ಲ್ಯಾಪ್‌ಟಾಪ್ ಜಪ್ತಿ ಮಾಡಲಾಗಿದೆ.
●●●●	●●●●	●●●●	●●●●
